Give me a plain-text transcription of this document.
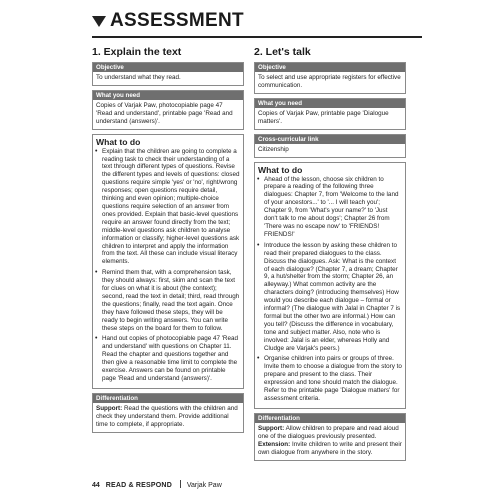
ASSESSMENT
1. Explain the text
Objective
To understand what they read.
What you need
Copies of Varjak Paw, photocopiable page 47 'Read and understand', printable page 'Read and understand (answers)'.
What to do
• Explain that the children are going to complete a reading task to check their understanding of a text through different types of questions. Revise the different types and levels of questions: closed questions require simple 'yes' or 'no', right/wrong responses; open questions require detail, thinking and even opinion; multiple-choice questions require selection of an answer from ones provided. Explain that basic-level questions require an answer found directly from the text; middle-level questions ask children to analyse information or classify; higher-level questions ask children to interpret and apply the information from the text. All these can include visual literacy elements.
• Remind them that, with a comprehension task, they should always: first, skim and scan the text for clues on what it is about (the context); second, read the text in detail; third, read through the questions; finally, read the text again. Once they have followed these steps, they will be ready to begin writing answers. You can write these steps on the board for them to follow.
• Hand out copies of photocopiable page 47 'Read and understand' with questions on Chapter 11. Read the chapter and questions together and then give a reasonable time limit to complete the exercise. Answers can be found on printable page 'Read and understand (answers)'.
Differentiation
Support: Read the questions with the children and check they understand them. Provide additional time to complete, if appropriate.
2. Let's talk
Objective
To select and use appropriate registers for effective communication.
What you need
Copies of Varjak Paw, printable page 'Dialogue matters'.
Cross-curricular link
Citizenship
What to do
• Ahead of the lesson, choose six children to prepare a reading of the following three dialogues: Chapter 7, from 'Welcome to the land of your ancestors...' to '... I will teach you'; Chapter 9, from 'What's your name?' to 'Just don't talk to me about dogs'; Chapter 26 from 'There was no escape now' to 'FRIENDS! FRIENDS!'
• Introduce the lesson by asking these children to read their prepared dialogues to the class. Discuss the dialogues. Ask: What is the context of each dialogue? (Chapter 7, a dream; Chapter 9, a hut/shelter from the storm; Chapter 26, an alleyway.) What common activity are the characters doing? (introducing themselves) How would you describe each dialogue – formal or informal? (The dialogue with Jalal in Chapter 7 is formal but the other two are informal.) How can you tell? (Discuss the difference in vocabulary, tone and subject matter. Also, note who is involved: Jalal is an elder, whereas Holly and Cludge are Varjak's peers.)
• Organise children into pairs or groups of three. Invite them to choose a dialogue from the story to prepare and present to the class. Their expression and tone should match the dialogue. Refer to the printable page 'Dialogue matters' for assessment criteria.
Differentiation
Support: Allow children to prepare and read aloud one of the dialogues previously presented.
Extension: Invite children to write and present their own dialogue from anywhere in the story.
44 READ & RESPOND Varjak Paw
